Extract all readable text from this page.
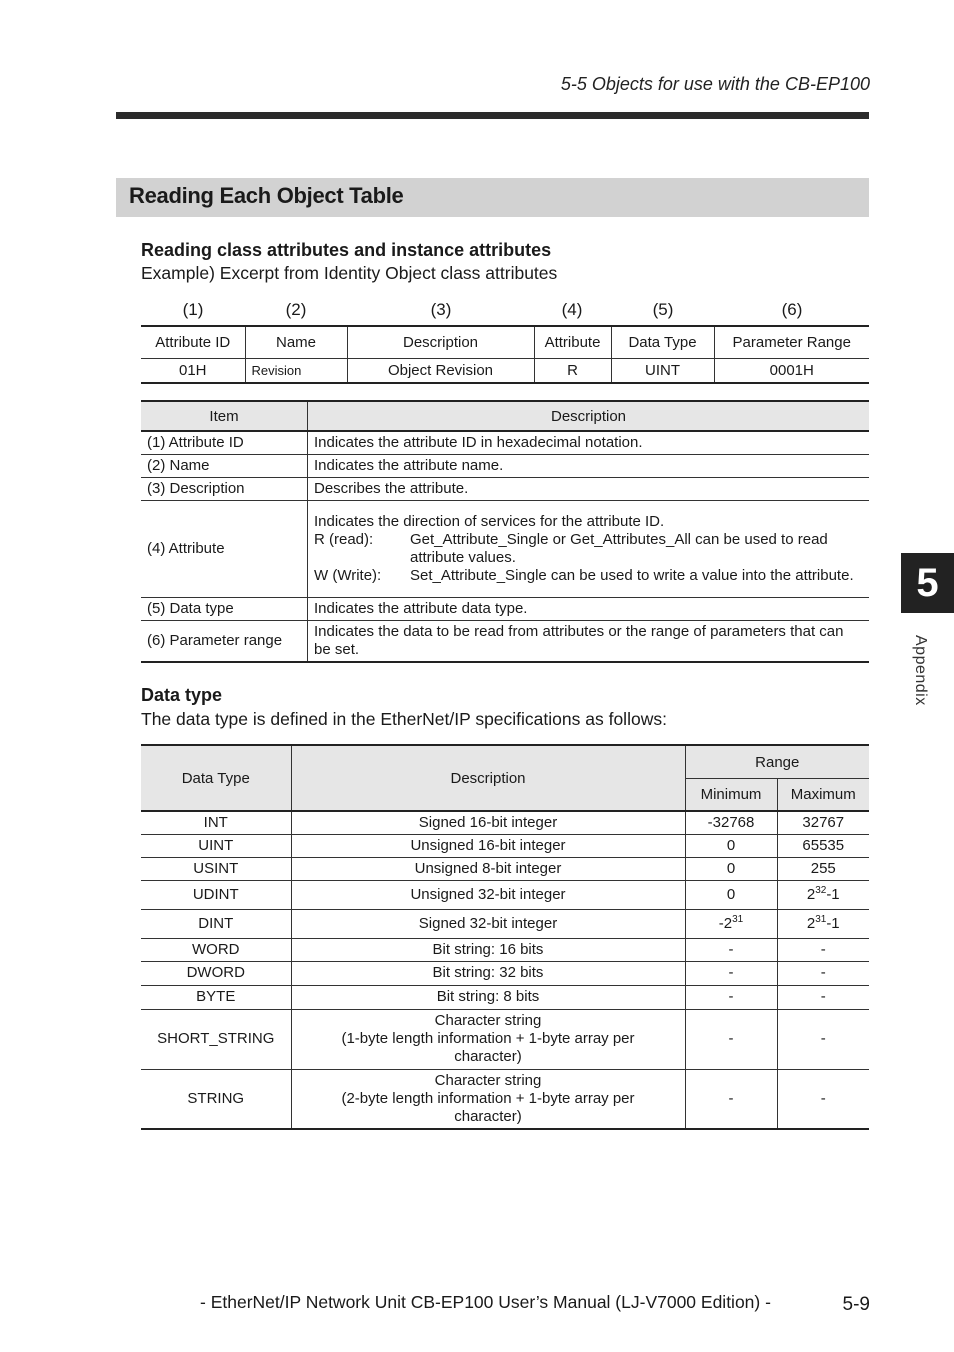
5-5 Objects for use with the CB-EP100
Reading Each Object Table
Reading class attributes and instance attributes
Example) Excerpt from Identity Object class attributes
(1)	(2)	(3)	(4)	(5)	(6)
Attribute ID	Name	Description	Attribute	Data Type	Parameter Range
01H	Revision	Object Revision	R	UINT	0001H
Item	Description
(1) Attribute ID	Indicates the attribute ID in hexadecimal notation.
(2) Name	Indicates the attribute name.
(3) Description	Describes the attribute.
(4) Attribute	Indicates the direction of services for the attribute ID.
R (read): Get_Attribute_Single or Get_Attributes_All can be used to read attribute values.
W (Write): Set_Attribute_Single can be used to write a value into the attribute.

(5) Data type	Indicates the attribute data type.
(6) Parameter range	Indicates the data to be read from attributes or the range of parameters that can be set.
Data type
The data type is defined in the EtherNet/IP specifications as follows:
Data Type	Description	Range	
		Minimum	Maximum
INT	Signed 16-bit integer	-32768	32767
UINT	Unsigned 16-bit integer	0	65535
USINT	Unsigned 8-bit integer	0	255
UDINT	Unsigned 32-bit integer	0	$2^{32}-1$
DINT	Signed 32-bit integer	$-2^{31}$	$2^{31}-1$
WORD	Bit string: 16 bits	-	-
DWORD	Bit string: 32 bits	-	-
BYTE	Bit string: 8 bits	-	-
SHORT_STRING	Character string
(1-byte length information + 1-byte array per
character)	-	-
STRING	Character string
(2-byte length information + 1-byte array per
character)	-	-
5
Appendix
- EtherNet/IP Network Unit CB-EP100 User’s Manual (LJ-V7000 Edition) -	5-9
